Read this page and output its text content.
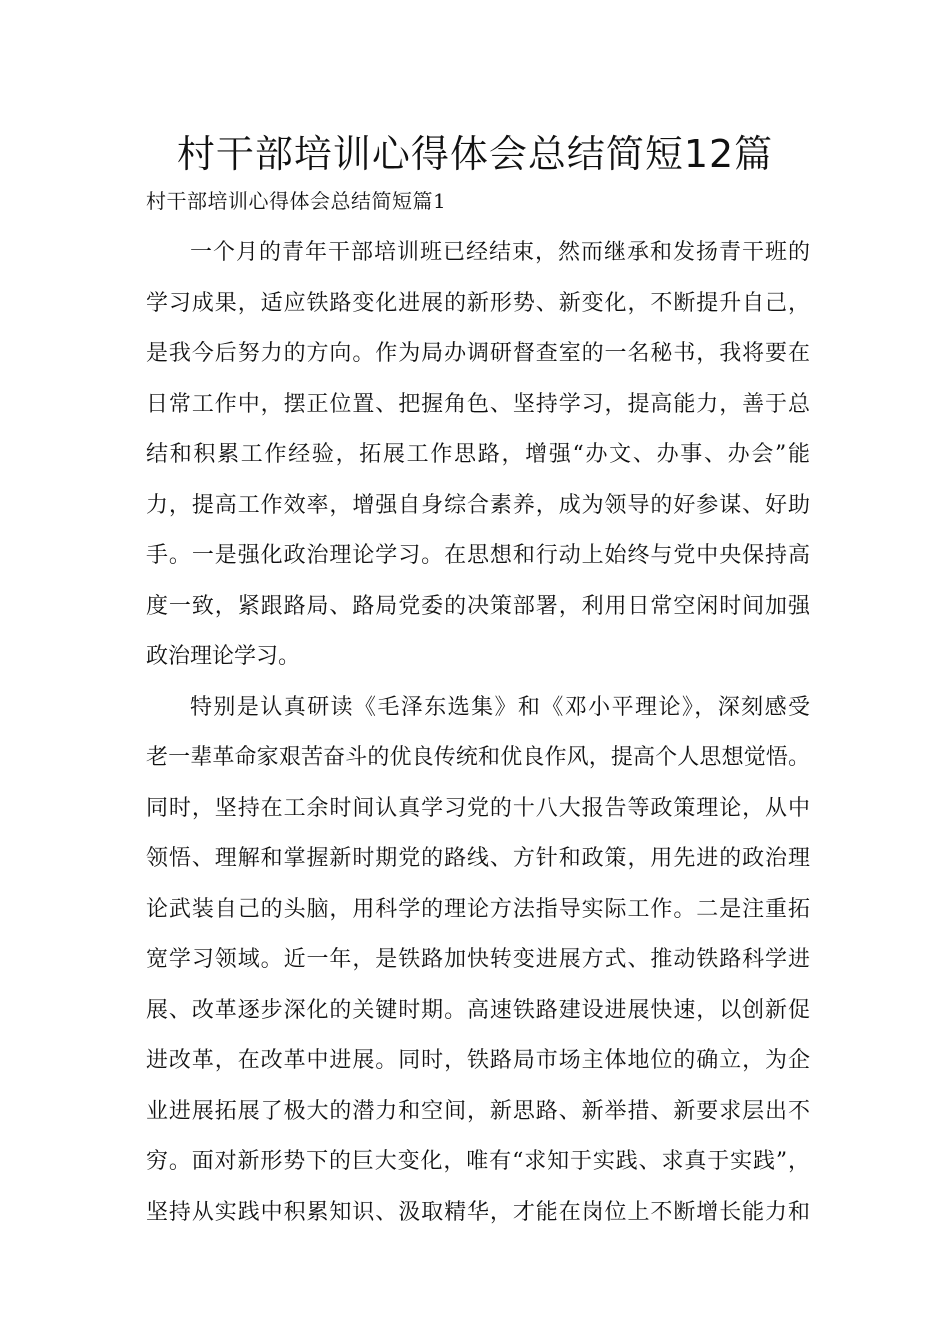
村干部培训心得体会总结简短12篇

村干部培训心得体会总结简短篇1

一个月的青年干部培训班已经结束，然而继承和发扬青干班的
学习成果，适应铁路变化进展的新形势、新变化，不断提升自己，
是我今后努力的方向。作为局办调研督查室的一名秘书，我将要在
日常工作中，摆正位置、把握角色、坚持学习，提高能力，善于总
结和积累工作经验，拓展工作思路，增强“办文、办事、办会”能
力，提高工作效率，增强自身综合素养，成为领导的好参谋、好助
手。一是强化政治理论学习。在思想和行动上始终与党中央保持高
度一致，紧跟路局、路局党委的决策部署，利用日常空闲时间加强
政治理论学习。
特别是认真研读《毛泽东选集》和《邓小平理论》，深刻感受
老一辈革命家艰苦奋斗的优良传统和优良作风，提高个人思想觉悟。
同时，坚持在工余时间认真学习党的十八大报告等政策理论，从中
领悟、理解和掌握新时期党的路线、方针和政策，用先进的政治理
论武装自己的头脑，用科学的理论方法指导实际工作。二是注重拓
宽学习领域。近一年，是铁路加快转变进展方式、推动铁路科学进
展、改革逐步深化的关键时期。高速铁路建设进展快速，以创新促
进改革，在改革中进展。同时，铁路局市场主体地位的确立，为企
业进展拓展了极大的潜力和空间，新思路、新举措、新要求层出不
穷。面对新形势下的巨大变化，唯有“求知于实践、求真于实践”，
坚持从实践中积累知识、汲取精华，才能在岗位上不断增长能力和
